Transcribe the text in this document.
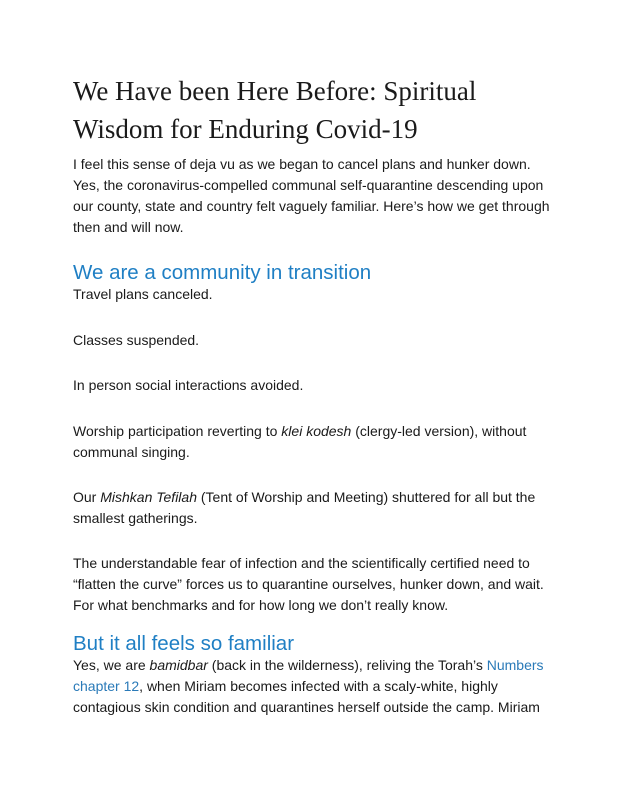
We Have been Here Before: Spiritual Wisdom for Enduring Covid-19

I feel this sense of deja vu as we began to cancel plans and hunker down. Yes, the coronavirus-compelled communal self-quarantine descending upon our county, state and country felt vaguely familiar. Here’s how we get through then and will now.

We are a community in transition

Travel plans canceled.

Classes suspended.

In person social interactions avoided.

Worship participation reverting to klei kodesh (clergy-led version), without communal singing.

Our Mishkan Tefilah (Tent of Worship and Meeting) shuttered for all but the smallest gatherings.

The understandable fear of infection and the scientifically certified need to “flatten the curve” forces us to quarantine ourselves, hunker down, and wait. For what benchmarks and for how long we don’t really know.

But it all feels so familiar

Yes, we are bamidbar (back in the wilderness), reliving the Torah’s Numbers chapter 12, when Miriam becomes infected with a scaly-white, highly contagious skin condition and quarantines herself outside the camp. Miriam
